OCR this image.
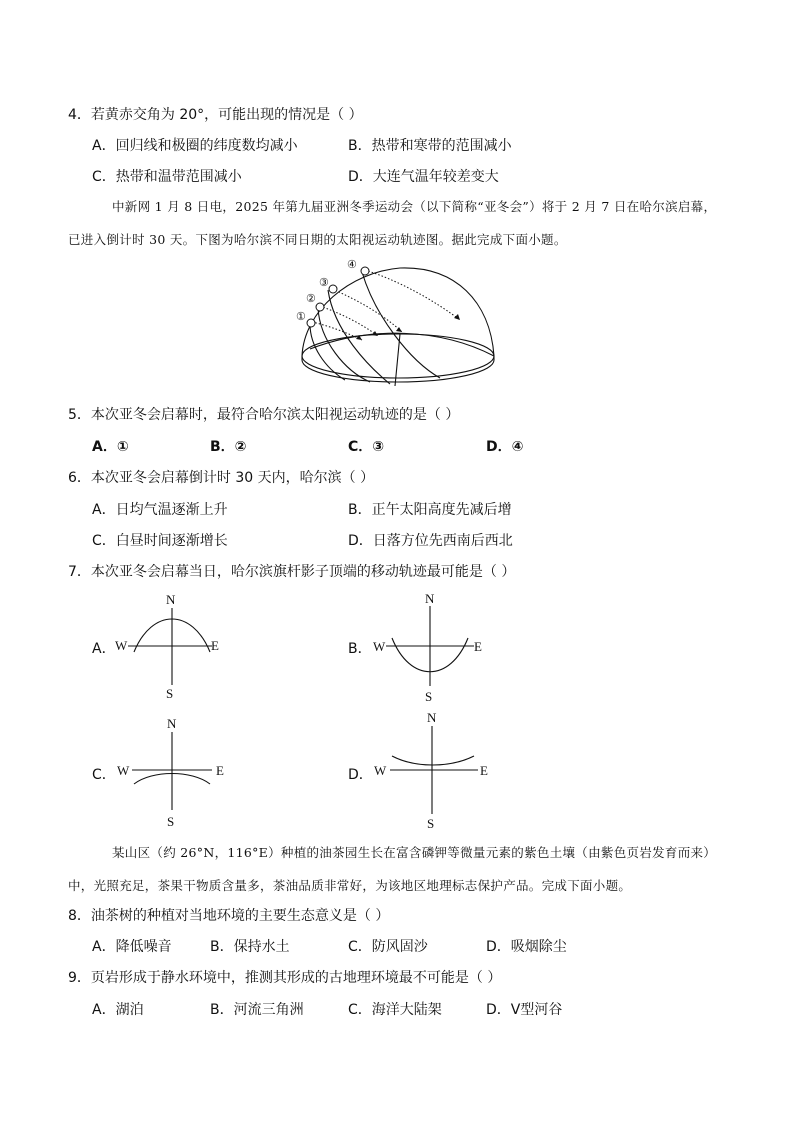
4．若黄赤交角为 20°，可能出现的情况是（ ）
A．回归线和极圈的纬度数均减小	B．热带和寒带的范围减小
C．热带和温带范围减小	D．大连气温年较差变大
中新网 1 月 8 日电，2025 年第九届亚洲冬季运动会（以下简称“亚冬会”）将于 2 月 7 日在哈尔滨启幕，已进入倒计时 30 天。下图为哈尔滨不同日期的太阳视运动轨迹图。据此完成下面小题。
①
②
③
④
5．本次亚冬会启幕时，最符合哈尔滨太阳视运动轨迹的是（ ）
A．①	B．②	C．③	D．④
6．本次亚冬会启幕倒计时 30 天内，哈尔滨（ ）
A．日均气温逐渐上升	B．正午太阳高度先减后增
C．白昼时间逐渐增长	D．日落方位先西南后西北
7．本次亚冬会启幕当日，哈尔滨旗杆影子顶端的移动轨迹最可能是（ ）
A．
N
S
W	E	B．
N
S
W	E
C．
N
S
W	E	D．
N
S
W	E
某山区（约 26°N，116°E）种植的油茶园生长在富含磷钾等微量元素的紫色土壤（由紫色页岩发育而来）中，光照充足，茶果干物质含量多，茶油品质非常好，为该地区地理标志保护产品。完成下面小题。
8．油茶树的种植对当地环境的主要生态意义是（ ）
A．降低噪音	B．保持水土	C．防风固沙	D．吸烟除尘
9．页岩形成于静水环境中，推测其形成的古地理环境最不可能是（ ）
A．湖泊	B．河流三角洲	C．海洋大陆架	D．V型河谷
